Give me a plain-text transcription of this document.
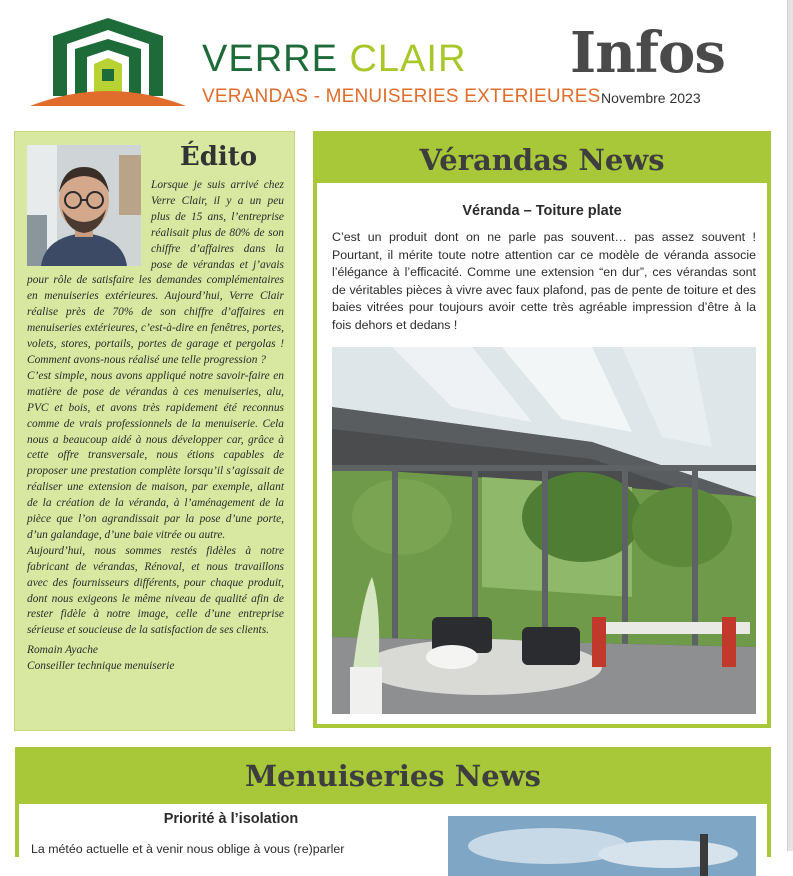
VERRE CLAIR
VERANDAS - MENUISERIES EXTERIEURES
Infos
Novembre 2023
Édito

Lorsque je suis arrivé chez Verre Clair, il y a un peu plus de 15 ans, l’entreprise réalisait plus de 80% de son chiffre d’affaires dans la pose de vérandas et j’avais pour rôle de satisfaire les demandes complémentaires en menuiseries extérieures. Aujourd’hui, Verre Clair réalise près de 70% de son chiffre d’affaires en menuiseries extérieures, c’est-à-dire en fenêtres, portes, volets, stores, portails, portes de garage et pergolas ! Comment avons-nous réalisé une telle progression ?

C’est simple, nous avons appliqué notre savoir-faire en matière de pose de vérandas à ces menuiseries, alu, PVC et bois, et avons très rapidement été reconnus comme de vrais professionnels de la menuiserie. Cela nous a beaucoup aidé à nous développer car, grâce à cette offre transversale, nous étions capables de proposer une prestation complète lorsqu’il s’agissait de réaliser une extension de maison, par exemple, allant de la création de la véranda, à l’aménagement de la pièce que l’on agrandissait par la pose d’une porte, d’un galandage, d’une baie vitrée ou autre.

Aujourd’hui, nous sommes restés fidèles à notre fabricant de vérandas, Rénoval, et nous travaillons avec des fournisseurs différents, pour chaque produit, dont nous exigeons le même niveau de qualité afin de rester fidèle à notre image, celle d’une entreprise sérieuse et soucieuse de la satisfaction de ses clients.

Romain Ayache

Conseiller technique menuiserie

Vérandas News
Véranda – Toiture plate

C’est un produit dont on ne parle pas souvent… pas assez souvent ! Pourtant, il mérite toute notre attention car ce modèle de véranda associe l’élégance à l’efficacité. Comme une extension “en dur”, ces vérandas sont de véritables pièces à vivre avec faux plafond, pas de pente de toiture et des baies vitrées pour toujours avoir cette très agréable impression d’être à la fois dehors et dedans !

Menuiseries News
Priorité à l’isolation

La météo actuelle et à venir nous oblige à vous (re)parler
